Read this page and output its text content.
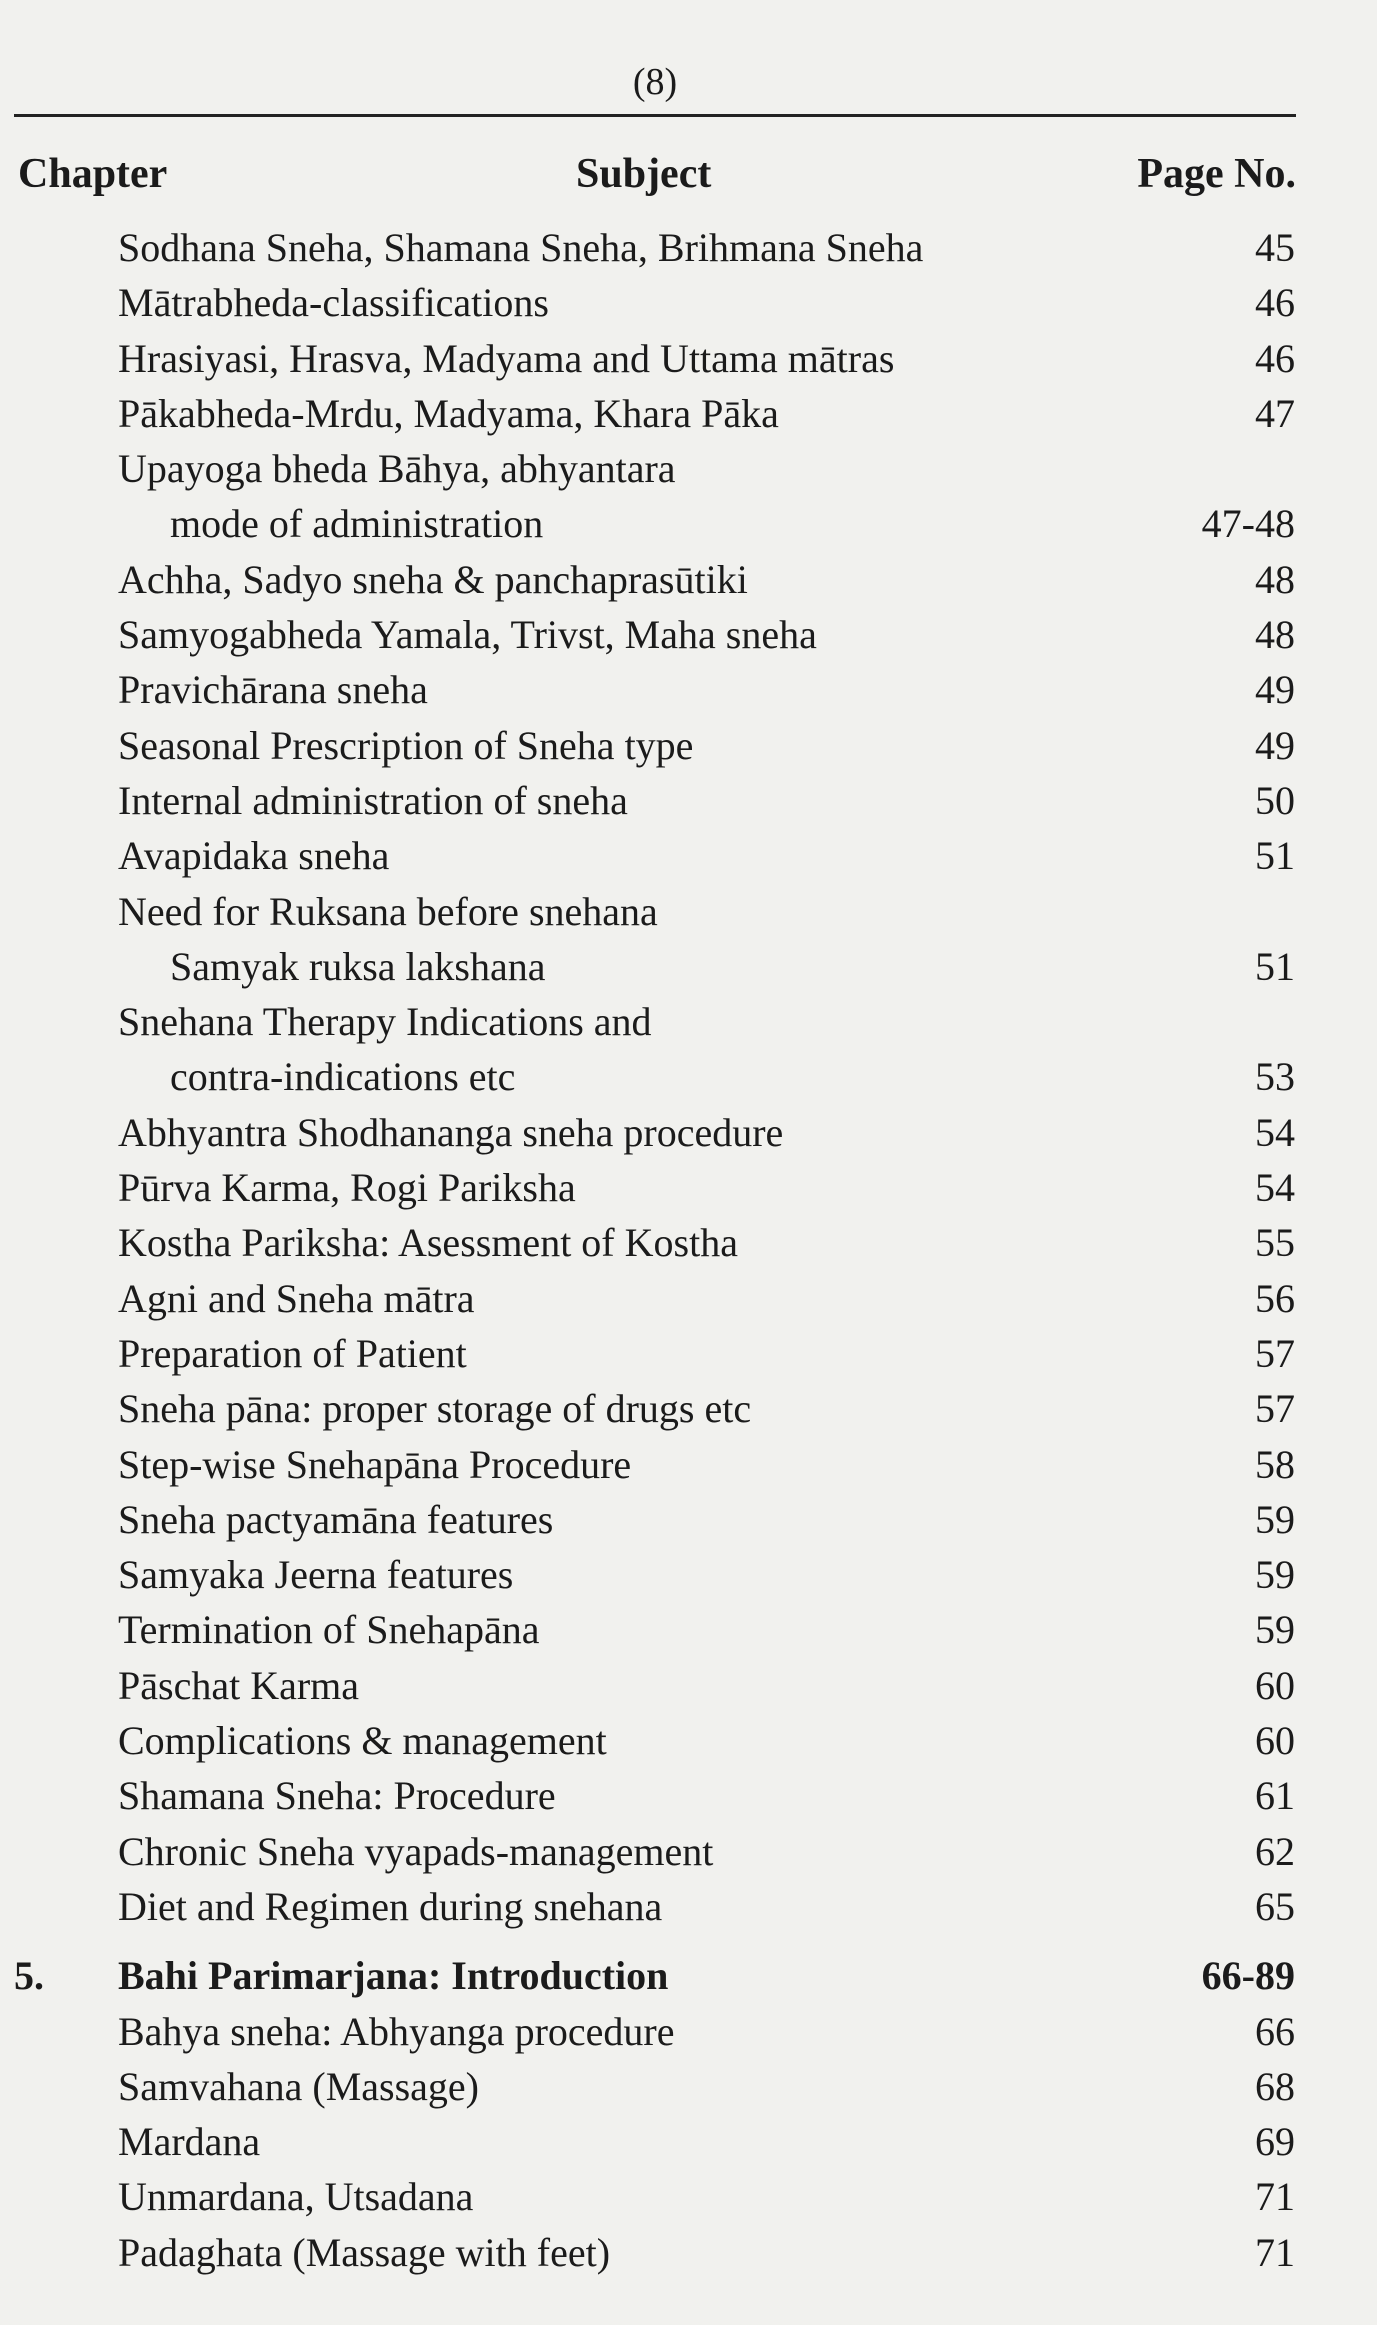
(8)
Chapter	Subject	Page No.
Sodhana Sneha, Shamana Sneha, Brihmana Sneha	45
Mātrabheda-classifications	46
Hrasiyasi, Hrasva, Madyama and Uttama mātras	46
Pākabheda-Mrdu, Madyama, Khara Pāka	47
Upayoga bheda Bāhya, abhyantara
mode of administration	47-48
Achha, Sadyo sneha & panchaprasūtiki	48
Samyogabheda Yamala, Trivst, Maha sneha	48
Pravichārana sneha	49
Seasonal Prescription of Sneha type	49
Internal administration of sneha	50
Avapidaka sneha	51
Need for Ruksana before snehana
Samyak ruksa lakshana	51
Snehana Therapy Indications and
contra-indications etc	53
Abhyantra Shodhananga sneha procedure	54
Pūrva Karma, Rogi Pariksha	54
Kostha Pariksha: Asessment of Kostha	55
Agni and Sneha mātra	56
Preparation of Patient	57
Sneha pāna: proper storage of drugs etc	57
Step-wise Snehapāna Procedure	58
Sneha pactyamāna features	59
Samyaka Jeerna features	59
Termination of Snehapāna	59
Pāschat Karma	60
Complications & management	60
Shamana Sneha: Procedure	61
Chronic Sneha vyapads-management	62
Diet and Regimen during snehana	65
5. Bahi Parimarjana: Introduction	66-89
Bahya sneha: Abhyanga procedure	66
Samvahana (Massage)	68
Mardana	69
Unmardana, Utsadana	71
Padaghata (Massage with feet)	71
